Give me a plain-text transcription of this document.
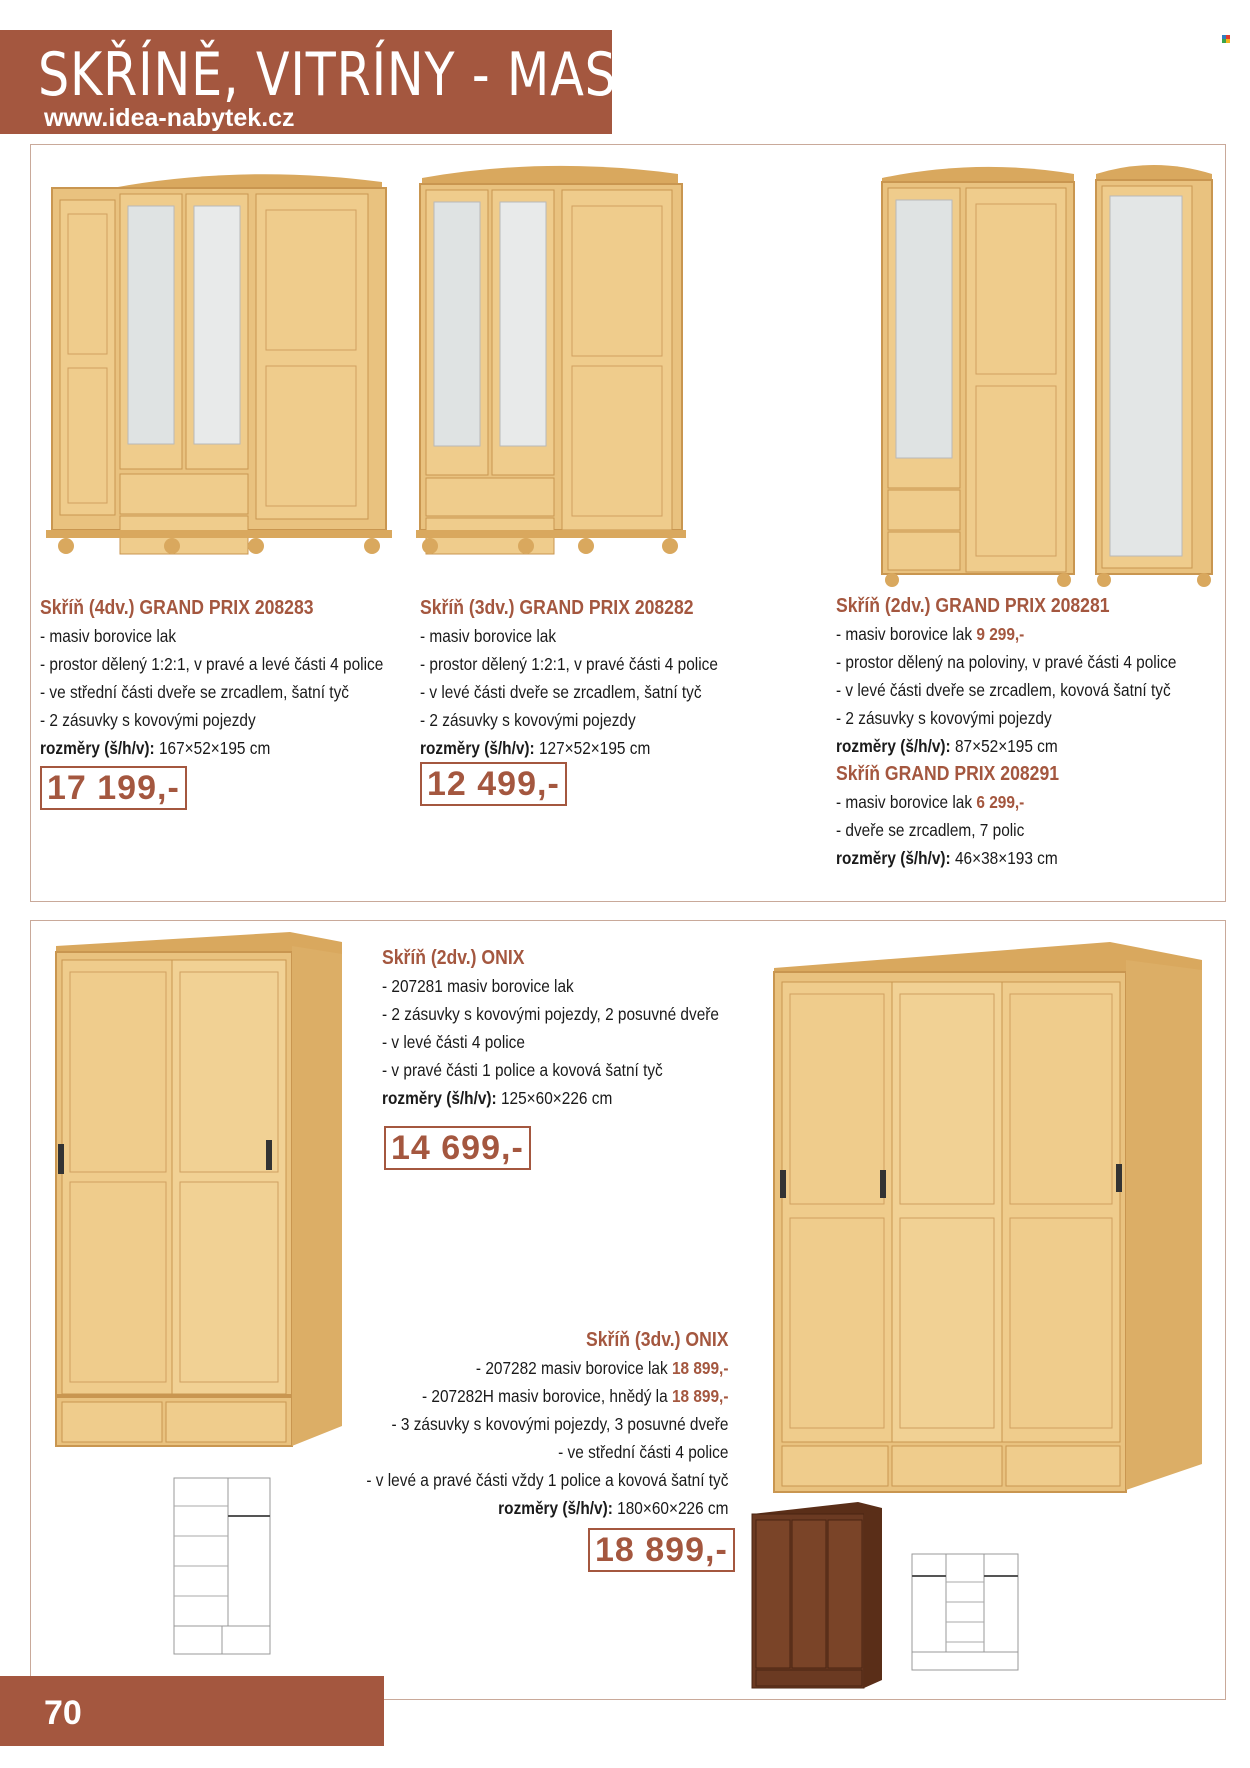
SKŘÍNĚ, VITRÍNY - MASIV
www.idea-nabytek.cz
Skříň (4dv.) GRAND PRIX 208283
- masiv borovice lak
- prostor dělený 1:2:1, v pravé a levé části 4 police
- ve střední části dveře se zrcadlem, šatní tyč
- 2 zásuvky s kovovými pojezdy
rozměry (š/h/v): 167×52×195 cm
17 199,-
Skříň (3dv.) GRAND PRIX 208282
- masiv borovice lak
- prostor dělený 1:2:1, v pravé části 4 police
- v levé části dveře se zrcadlem, šatní tyč
- 2 zásuvky s kovovými pojezdy
rozměry (š/h/v): 127×52×195 cm
12 499,-
Skříň (2dv.) GRAND PRIX 208281
- masiv borovice lak 9 299,-
- prostor dělený na poloviny, v pravé části 4 police
- v levé části dveře se zrcadlem, kovová šatní tyč
- 2 zásuvky s kovovými pojezdy
rozměry (š/h/v): 87×52×195 cm
Skříň GRAND PRIX 208291
- masiv borovice lak 6 299,-
- dveře se zrcadlem, 7 polic
rozměry (š/h/v): 46×38×193 cm
Skříň (2dv.) ONIX
- 207281 masiv borovice lak
- 2 zásuvky s kovovými pojezdy, 2 posuvné dveře
- v levé části 4 police
- v pravé části 1 police a kovová šatní tyč
rozměry (š/h/v): 125×60×226 cm
14 699,-
Skříň (3dv.) ONIX
- 207282 masiv borovice lak 18 899,-
- 207282H masiv borovice, hnědý la 18 899,-
- 3 zásuvky s kovovými pojezdy, 3 posuvné dveře
- ve střední části 4 police
- v levé a pravé části vždy 1 police a kovová šatní tyč
rozměry (š/h/v): 180×60×226 cm
18 899,-
70
